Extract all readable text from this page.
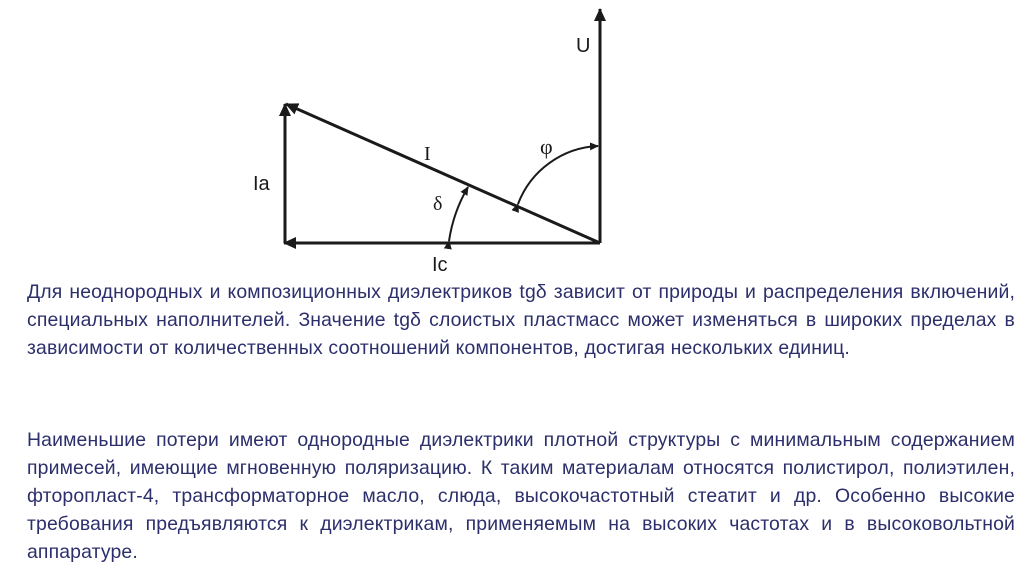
U
I
Ia
Ic
φ
δ

Для неоднородных и композиционных диэлектриков tgδ зависит от природы и распределения включений, специальных наполнителей. Значение tgδ слоистых пластмасс может изменяться в широких пределах в зависимости от количественных соотношений компонентов, достигая нескольких единиц.

Наименьшие потери имеют однородные диэлектрики плотной структуры с минимальным содержанием примесей, имеющие мгновенную поляризацию. К таким материалам относятся полистирол, полиэтилен, фторопласт-4, трансформаторное масло, слюда, высокочастотный стеатит и др. Особенно высокие требования предъявляются к диэлектрикам, применяемым на высоких частотах и в высоковольтной аппаратуре.
